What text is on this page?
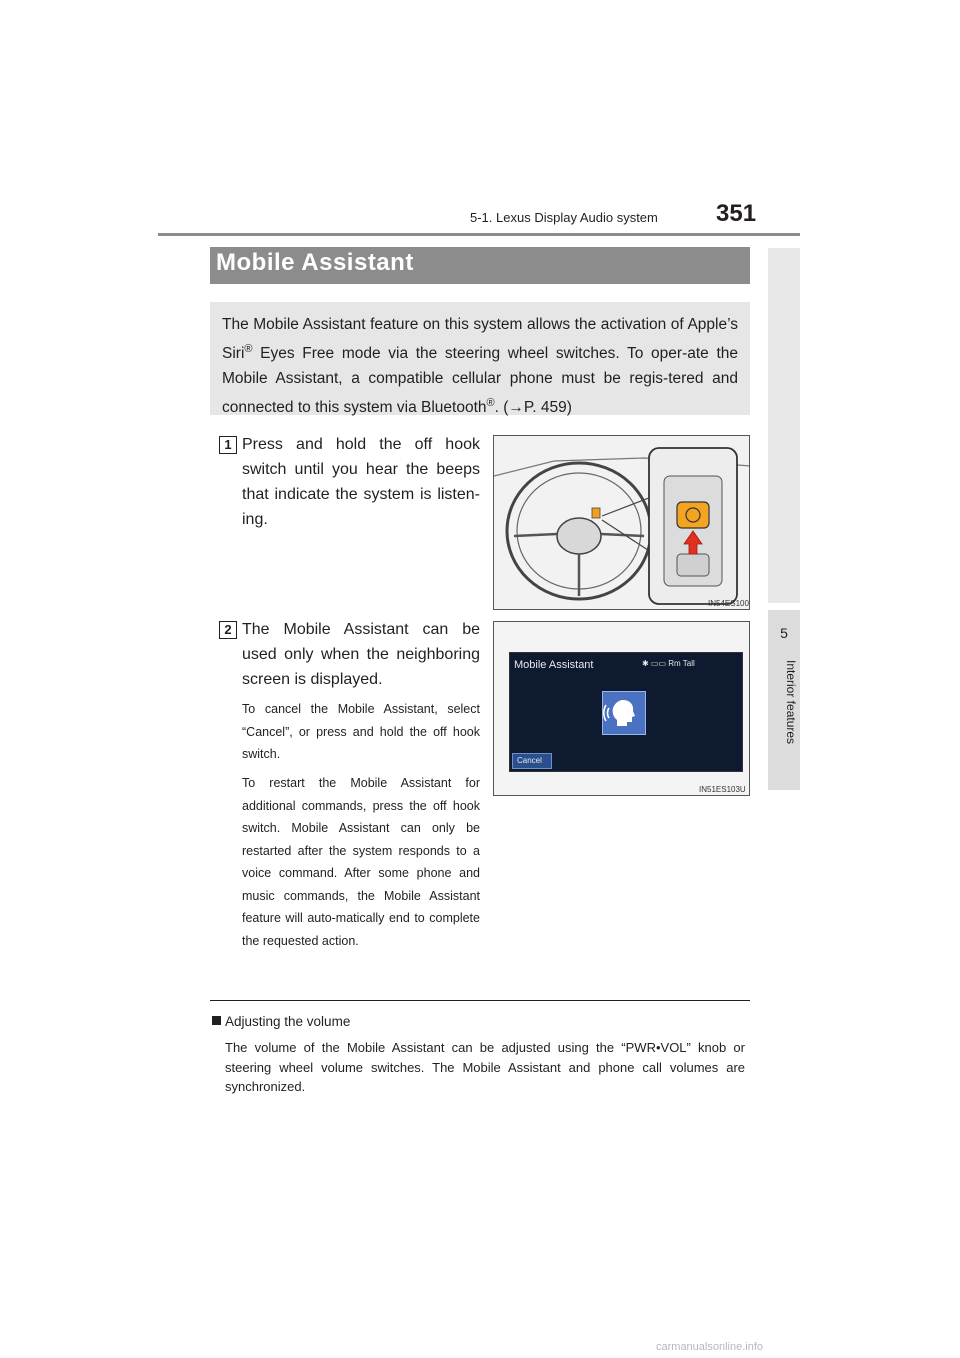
5-1. Lexus Display Audio system 351
5
Interior features
Mobile Assistant
The Mobile Assistant feature on this system allows the activation of Apple’s Siri® Eyes Free mode via the steering wheel switches. To oper-ate the Mobile Assistant, a compatible cellular phone must be regis-tered and connected to this system via Bluetooth®. (→P. 459)
1 Press and hold the off hook switch until you hear the beeps that indicate the system is listen-ing.
IN54ES100
2 The Mobile Assistant can be used only when the neighboring screen is displayed.
To cancel the Mobile Assistant, select “Cancel”, or press and hold the off hook switch.
To restart the Mobile Assistant for additional commands, press the off hook switch. Mobile Assistant can only be restarted after the system responds to a voice command. After some phone and music commands, the Mobile Assistant feature will auto-matically end to complete the requested action.
Mobile Assistant	✱ ▭▭ Rm Tall
Cancel
IN51ES103U
Adjusting the volume
The volume of the Mobile Assistant can be adjusted using the “PWR•VOL” knob or steering wheel volume switches. The Mobile Assistant and phone call volumes are synchronized.
carmanualsonline.info
